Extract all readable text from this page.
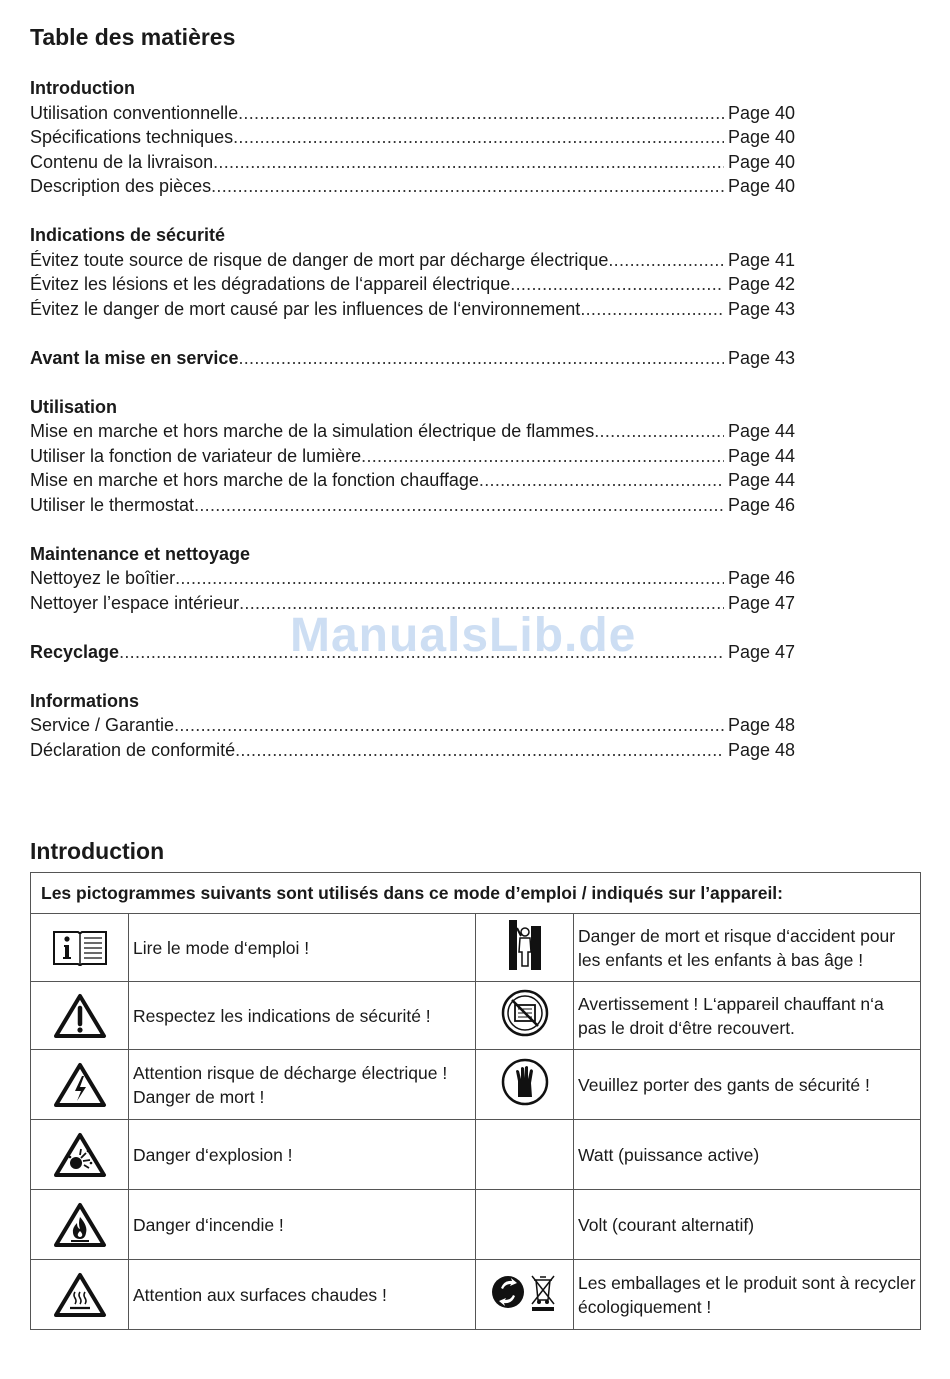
Table des matières
Introduction
Utilisation conventionnelle .....	Page 40
Spécifications techniques .....	Page 40
Contenu de la livraison .....	Page 40
Description des pièces .....	Page 40
Indications de sécurité
Évitez toute source de risque de danger de mort par décharge électrique .....	Page 41
Évitez les lésions et les dégradations de l‘appareil électrique .....	Page 42
Évitez le danger de mort causé par les influences de l‘environnement .....	Page 43
Avant la mise en service .....	Page 43
Utilisation
Mise en marche et hors marche de la simulation électrique de flammes .....	Page 44
Utiliser la fonction de variateur de lumière .....	Page 44
Mise en marche et hors marche de la fonction chauffage .....	Page 44
Utiliser le thermostat .....	Page 46
Maintenance et nettoyage
Nettoyez le boîtier .....	Page 46
Nettoyer l’espace intérieur .....	Page 47
Recyclage .....	Page 47
Informations
Service / Garantie .....	Page 48
Déclaration de conformité .....	Page 48
ManualsLib.de
Introduction
Les pictogrammes suivants sont utilisés dans ce mode d’emploi / indiqués sur l’appareil:			

	Lire le mode d‘emploi !		Danger de mort et risque d‘accident pour les enfants et les enfants à bas âge !

	Respectez les indications de sécurité !		Avertissement ! L‘appareil chauffant n‘a pas le droit d‘être recouvert.

	Attention risque de décharge électrique ! Danger de mort !		Veuillez porter des gants de sécurité !

	Danger d‘explosion !		Watt (puissance active)

	Danger d‘incendie !		Volt (courant alternatif)

	Attention aux surfaces chaudes !		Les emballages et le produit sont à recycler écologiquement !
